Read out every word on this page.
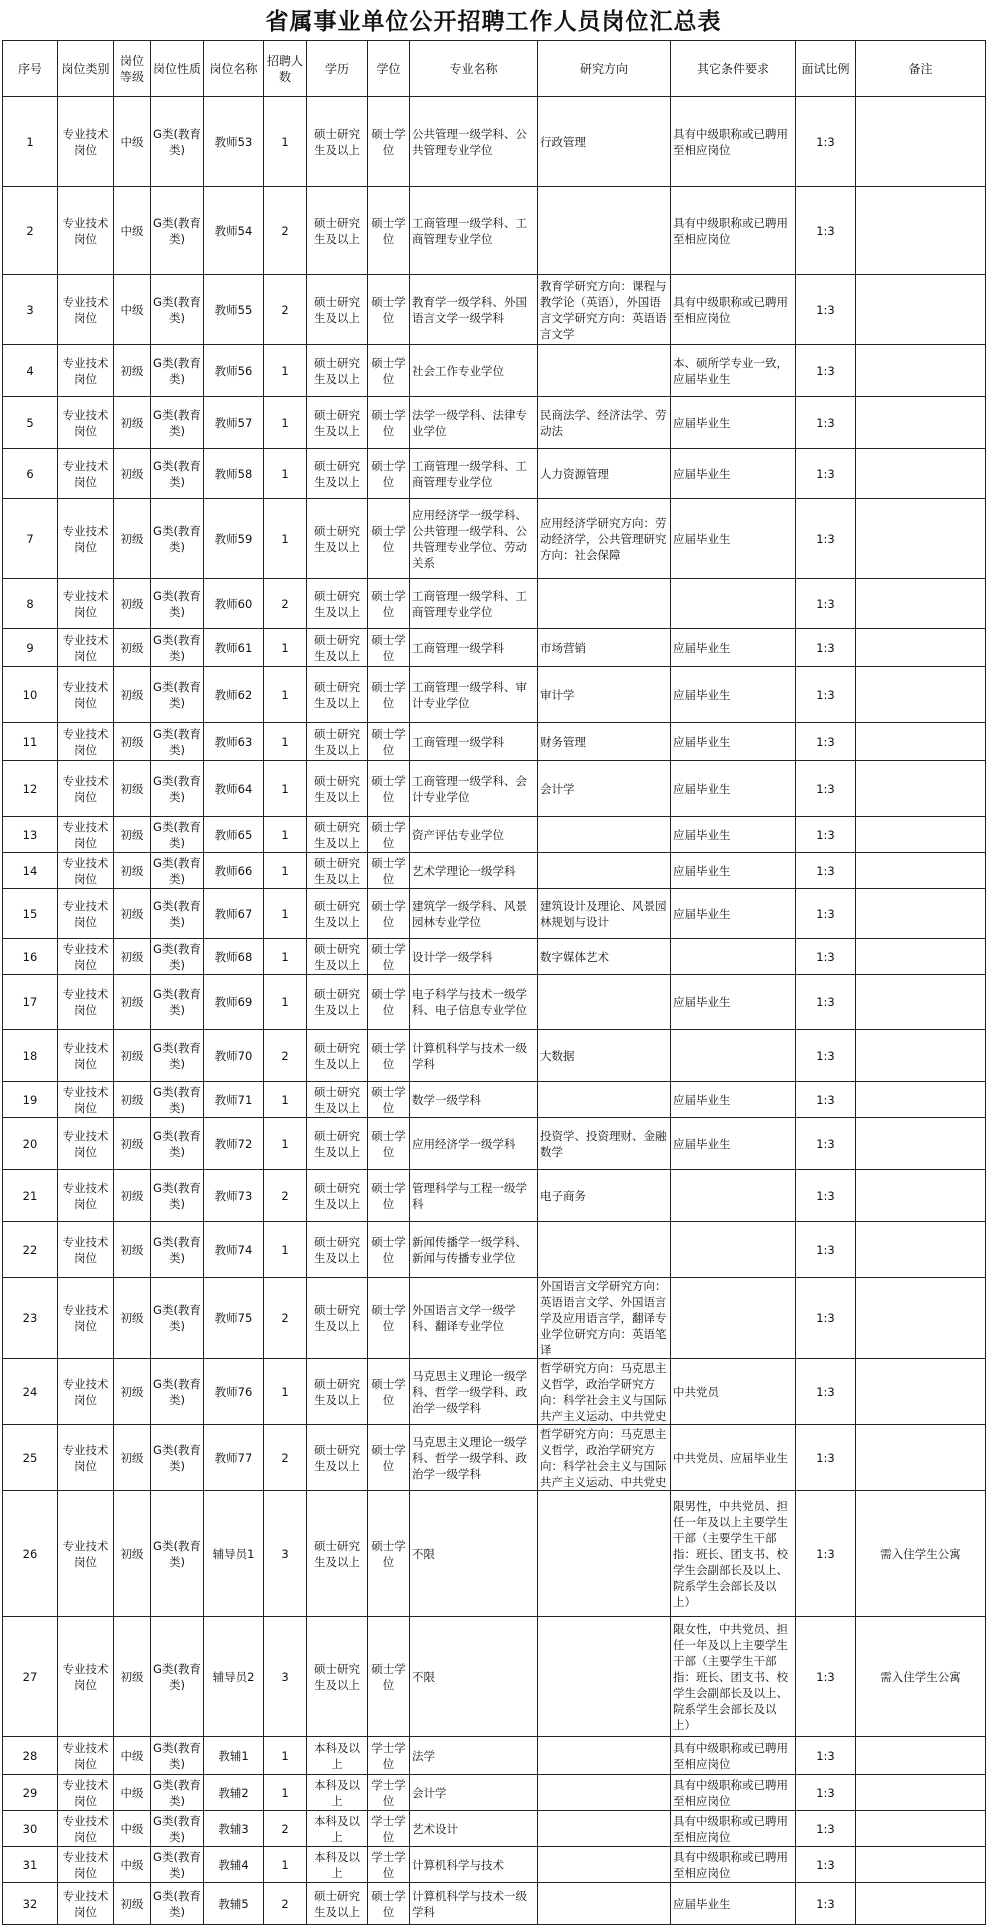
省属事业单位公开招聘工作人员岗位汇总表
序号	岗位类别	岗位等级	岗位性质	岗位名称	招聘人数	学历	学位	专业名称	研究方向	其它条件要求	面试比例	备注
1	专业技术岗位	中级	G类(教育类)	教师53	1	硕士研究生及以上	硕士学位	公共管理一级学科、公共管理专业学位	行政管理	具有中级职称或已聘用至相应岗位	1:3	
2	专业技术岗位	中级	G类(教育类)	教师54	2	硕士研究生及以上	硕士学位	工商管理一级学科、工商管理专业学位		具有中级职称或已聘用至相应岗位	1:3	
3	专业技术岗位	中级	G类(教育类)	教师55	2	硕士研究生及以上	硕士学位	教育学一级学科、外国语言文学一级学科	教育学研究方向：课程与教学论（英语），外国语言文学研究方向：英语语言文学	具有中级职称或已聘用至相应岗位	1:3	
4	专业技术岗位	初级	G类(教育类)	教师56	1	硕士研究生及以上	硕士学位	社会工作专业学位		本、硕所学专业一致，应届毕业生	1:3	
5	专业技术岗位	初级	G类(教育类)	教师57	1	硕士研究生及以上	硕士学位	法学一级学科、法律专业学位	民商法学、经济法学、劳动法	应届毕业生	1:3	
6	专业技术岗位	初级	G类(教育类)	教师58	1	硕士研究生及以上	硕士学位	工商管理一级学科、工商管理专业学位	人力资源管理	应届毕业生	1:3	
7	专业技术岗位	初级	G类(教育类)	教师59	1	硕士研究生及以上	硕士学位	应用经济学一级学科、公共管理一级学科、公共管理专业学位、劳动关系	应用经济学研究方向：劳动经济学，公共管理研究方向：社会保障	应届毕业生	1:3	
8	专业技术岗位	初级	G类(教育类)	教师60	2	硕士研究生及以上	硕士学位	工商管理一级学科、工商管理专业学位			1:3	
9	专业技术岗位	初级	G类(教育类)	教师61	1	硕士研究生及以上	硕士学位	工商管理一级学科	市场营销	应届毕业生	1:3	
10	专业技术岗位	初级	G类(教育类)	教师62	1	硕士研究生及以上	硕士学位	工商管理一级学科、审计专业学位	审计学	应届毕业生	1:3	
11	专业技术岗位	初级	G类(教育类)	教师63	1	硕士研究生及以上	硕士学位	工商管理一级学科	财务管理	应届毕业生	1:3	
12	专业技术岗位	初级	G类(教育类)	教师64	1	硕士研究生及以上	硕士学位	工商管理一级学科、会计专业学位	会计学	应届毕业生	1:3	
13	专业技术岗位	初级	G类(教育类)	教师65	1	硕士研究生及以上	硕士学位	资产评估专业学位		应届毕业生	1:3	
14	专业技术岗位	初级	G类(教育类)	教师66	1	硕士研究生及以上	硕士学位	艺术学理论一级学科		应届毕业生	1:3	
15	专业技术岗位	初级	G类(教育类)	教师67	1	硕士研究生及以上	硕士学位	建筑学一级学科、风景园林专业学位	建筑设计及理论、风景园林规划与设计	应届毕业生	1:3	
16	专业技术岗位	初级	G类(教育类)	教师68	1	硕士研究生及以上	硕士学位	设计学一级学科	数字媒体艺术		1:3	
17	专业技术岗位	初级	G类(教育类)	教师69	1	硕士研究生及以上	硕士学位	电子科学与技术一级学科、电子信息专业学位		应届毕业生	1:3	
18	专业技术岗位	初级	G类(教育类)	教师70	2	硕士研究生及以上	硕士学位	计算机科学与技术一级学科	大数据		1:3	
19	专业技术岗位	初级	G类(教育类)	教师71	1	硕士研究生及以上	硕士学位	数学一级学科		应届毕业生	1:3	
20	专业技术岗位	初级	G类(教育类)	教师72	1	硕士研究生及以上	硕士学位	应用经济学一级学科	投资学、投资理财、金融数学	应届毕业生	1:3	
21	专业技术岗位	初级	G类(教育类)	教师73	2	硕士研究生及以上	硕士学位	管理科学与工程一级学科	电子商务		1:3	
22	专业技术岗位	初级	G类(教育类)	教师74	1	硕士研究生及以上	硕士学位	新闻传播学一级学科、新闻与传播专业学位			1:3	
23	专业技术岗位	初级	G类(教育类)	教师75	2	硕士研究生及以上	硕士学位	外国语言文学一级学科、翻译专业学位	外国语言文学研究方向：英语语言文学、外国语言学及应用语言学，翻译专业学位研究方向：英语笔译		1:3	
24	专业技术岗位	初级	G类(教育类)	教师76	1	硕士研究生及以上	硕士学位	马克思主义理论一级学科、哲学一级学科、政治学一级学科	哲学研究方向：马克思主义哲学，政治学研究方向：科学社会主义与国际共产主义运动、中共党史	中共党员	1:3	
25	专业技术岗位	初级	G类(教育类)	教师77	2	硕士研究生及以上	硕士学位	马克思主义理论一级学科、哲学一级学科、政治学一级学科	哲学研究方向：马克思主义哲学，政治学研究方向：科学社会主义与国际共产主义运动、中共党史	中共党员、应届毕业生	1:3	
26	专业技术岗位	初级	G类(教育类)	辅导员1	3	硕士研究生及以上	硕士学位	不限		限男性，中共党员、担任一年及以上主要学生干部（主要学生干部指：班长、团支书、校学生会副部长及以上、院系学生会部长及以上）	1:3	需入住学生公寓
27	专业技术岗位	初级	G类(教育类)	辅导员2	3	硕士研究生及以上	硕士学位	不限		限女性，中共党员、担任一年及以上主要学生干部（主要学生干部指：班长、团支书、校学生会副部长及以上、院系学生会部长及以上）	1:3	需入住学生公寓
28	专业技术岗位	中级	G类(教育类)	教辅1	1	本科及以上	学士学位	法学		具有中级职称或已聘用至相应岗位	1:3	
29	专业技术岗位	中级	G类(教育类)	教辅2	1	本科及以上	学士学位	会计学		具有中级职称或已聘用至相应岗位	1:3	
30	专业技术岗位	中级	G类(教育类)	教辅3	2	本科及以上	学士学位	艺术设计		具有中级职称或已聘用至相应岗位	1:3	
31	专业技术岗位	中级	G类(教育类)	教辅4	1	本科及以上	学士学位	计算机科学与技术		具有中级职称或已聘用至相应岗位	1:3	
32	专业技术岗位	初级	G类(教育类)	教辅5	2	硕士研究生及以上	硕士学位	计算机科学与技术一级学科		应届毕业生	1:3	
